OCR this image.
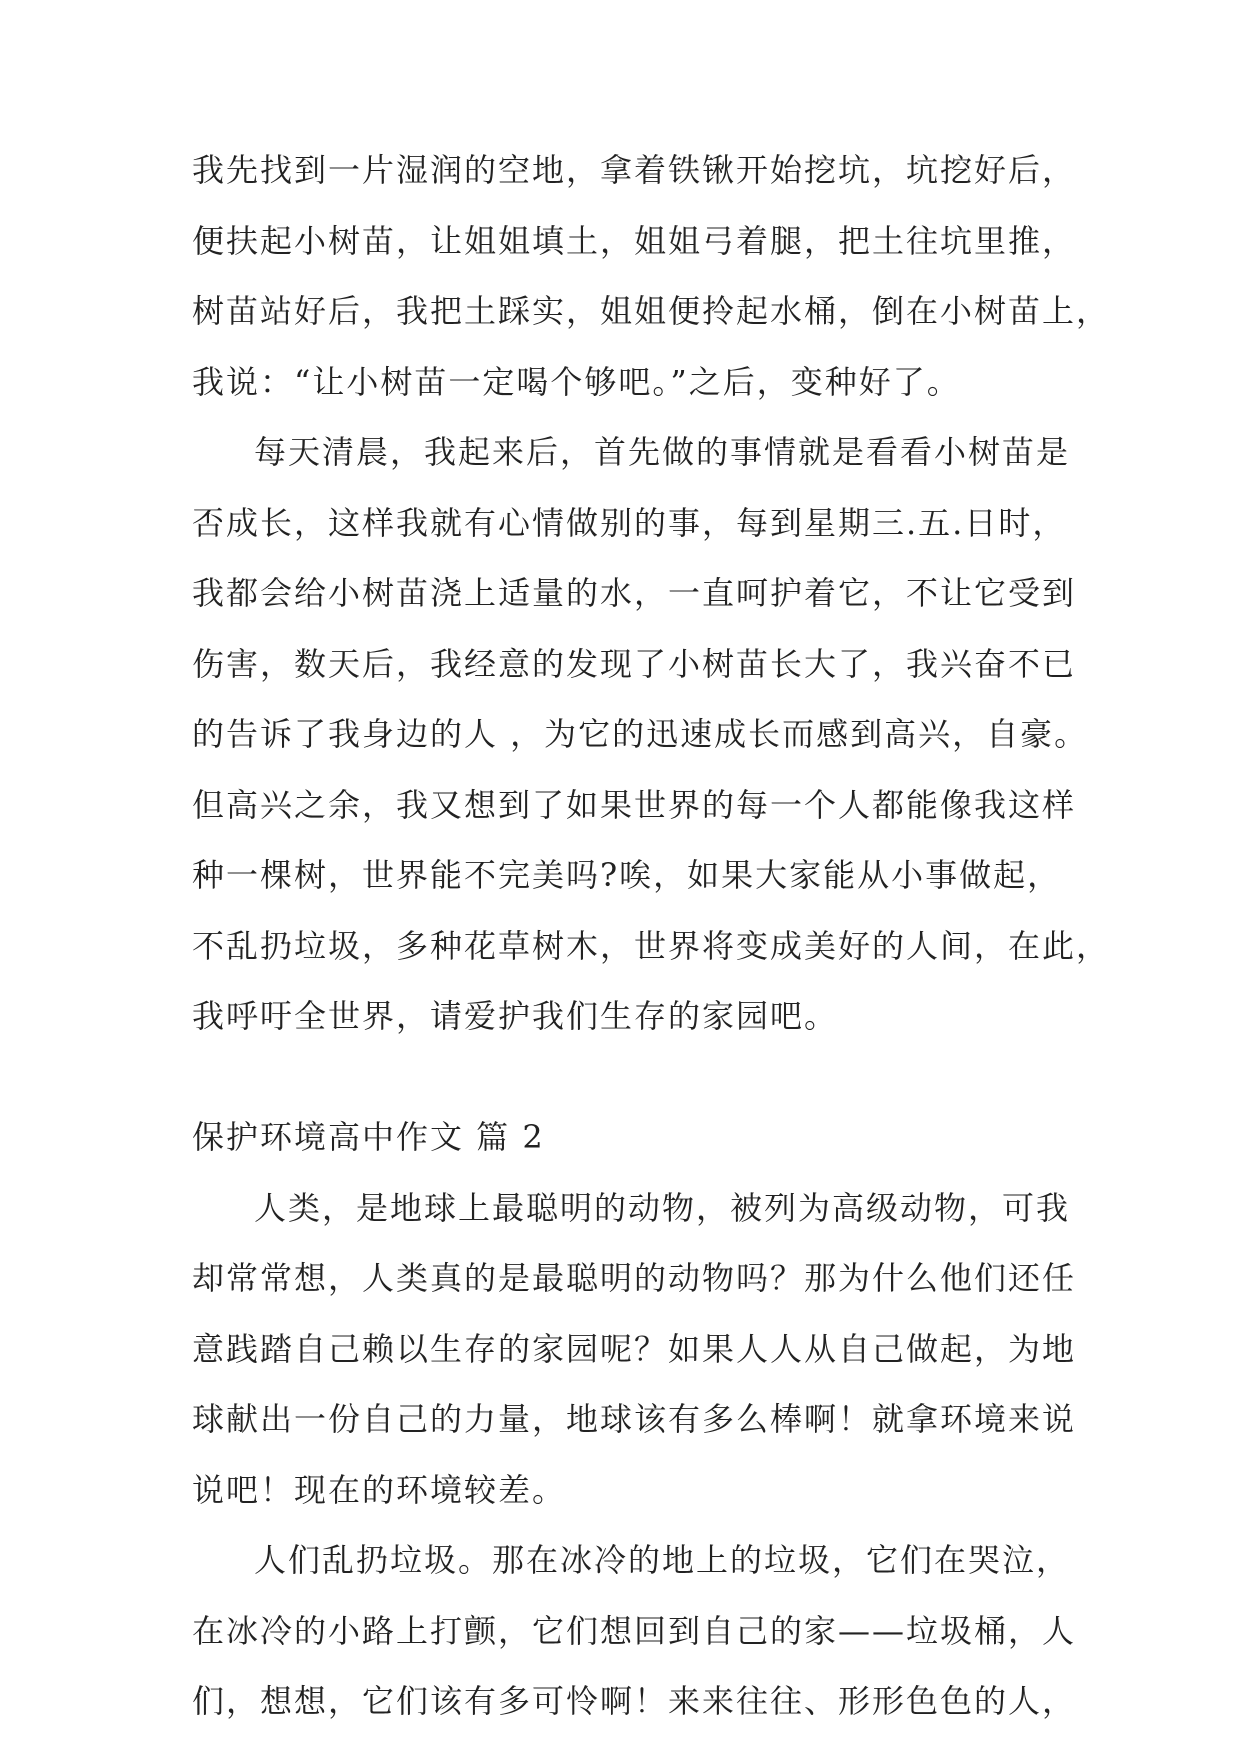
我先找到一片湿润的空地，拿着铁锹开始挖坑，坑挖好后，
便扶起小树苗，让姐姐填土，姐姐弓着腿，把土往坑里推，
树苗站好后，我把土踩实，姐姐便拎起水桶，倒在小树苗上，
我说：“让小树苗一定喝个够吧。”之后，变种好了。
每天清晨，我起来后，首先做的事情就是看看小树苗是
否成长，这样我就有心情做别的事，每到星期三.五.日时，
我都会给小树苗浇上适量的水，一直呵护着它，不让它受到
伤害，数天后，我经意的发现了小树苗长大了，我兴奋不已
的告诉了我身边的人 ，为它的迅速成长而感到高兴，自豪。
但高兴之余，我又想到了如果世界的每一个人都能像我这样
种一棵树，世界能不完美吗?唉，如果大家能从小事做起，
不乱扔垃圾，多种花草树木，世界将变成美好的人间，在此，
我呼吁全世界，请爱护我们生存的家园吧。
保护环境高中作文 篇 2
人类，是地球上最聪明的动物，被列为高级动物，可我
却常常想，人类真的是最聪明的动物吗？那为什么他们还任
意践踏自己赖以生存的家园呢？如果人人从自己做起，为地
球献出一份自己的力量，地球该有多么棒啊！就拿环境来说
说吧！现在的环境较差。
人们乱扔垃圾。那在冰冷的地上的垃圾，它们在哭泣，
在冰冷的小路上打颤，它们想回到自己的家——垃圾桶，人
们，想想，它们该有多可怜啊！来来往往、形形色色的人，
